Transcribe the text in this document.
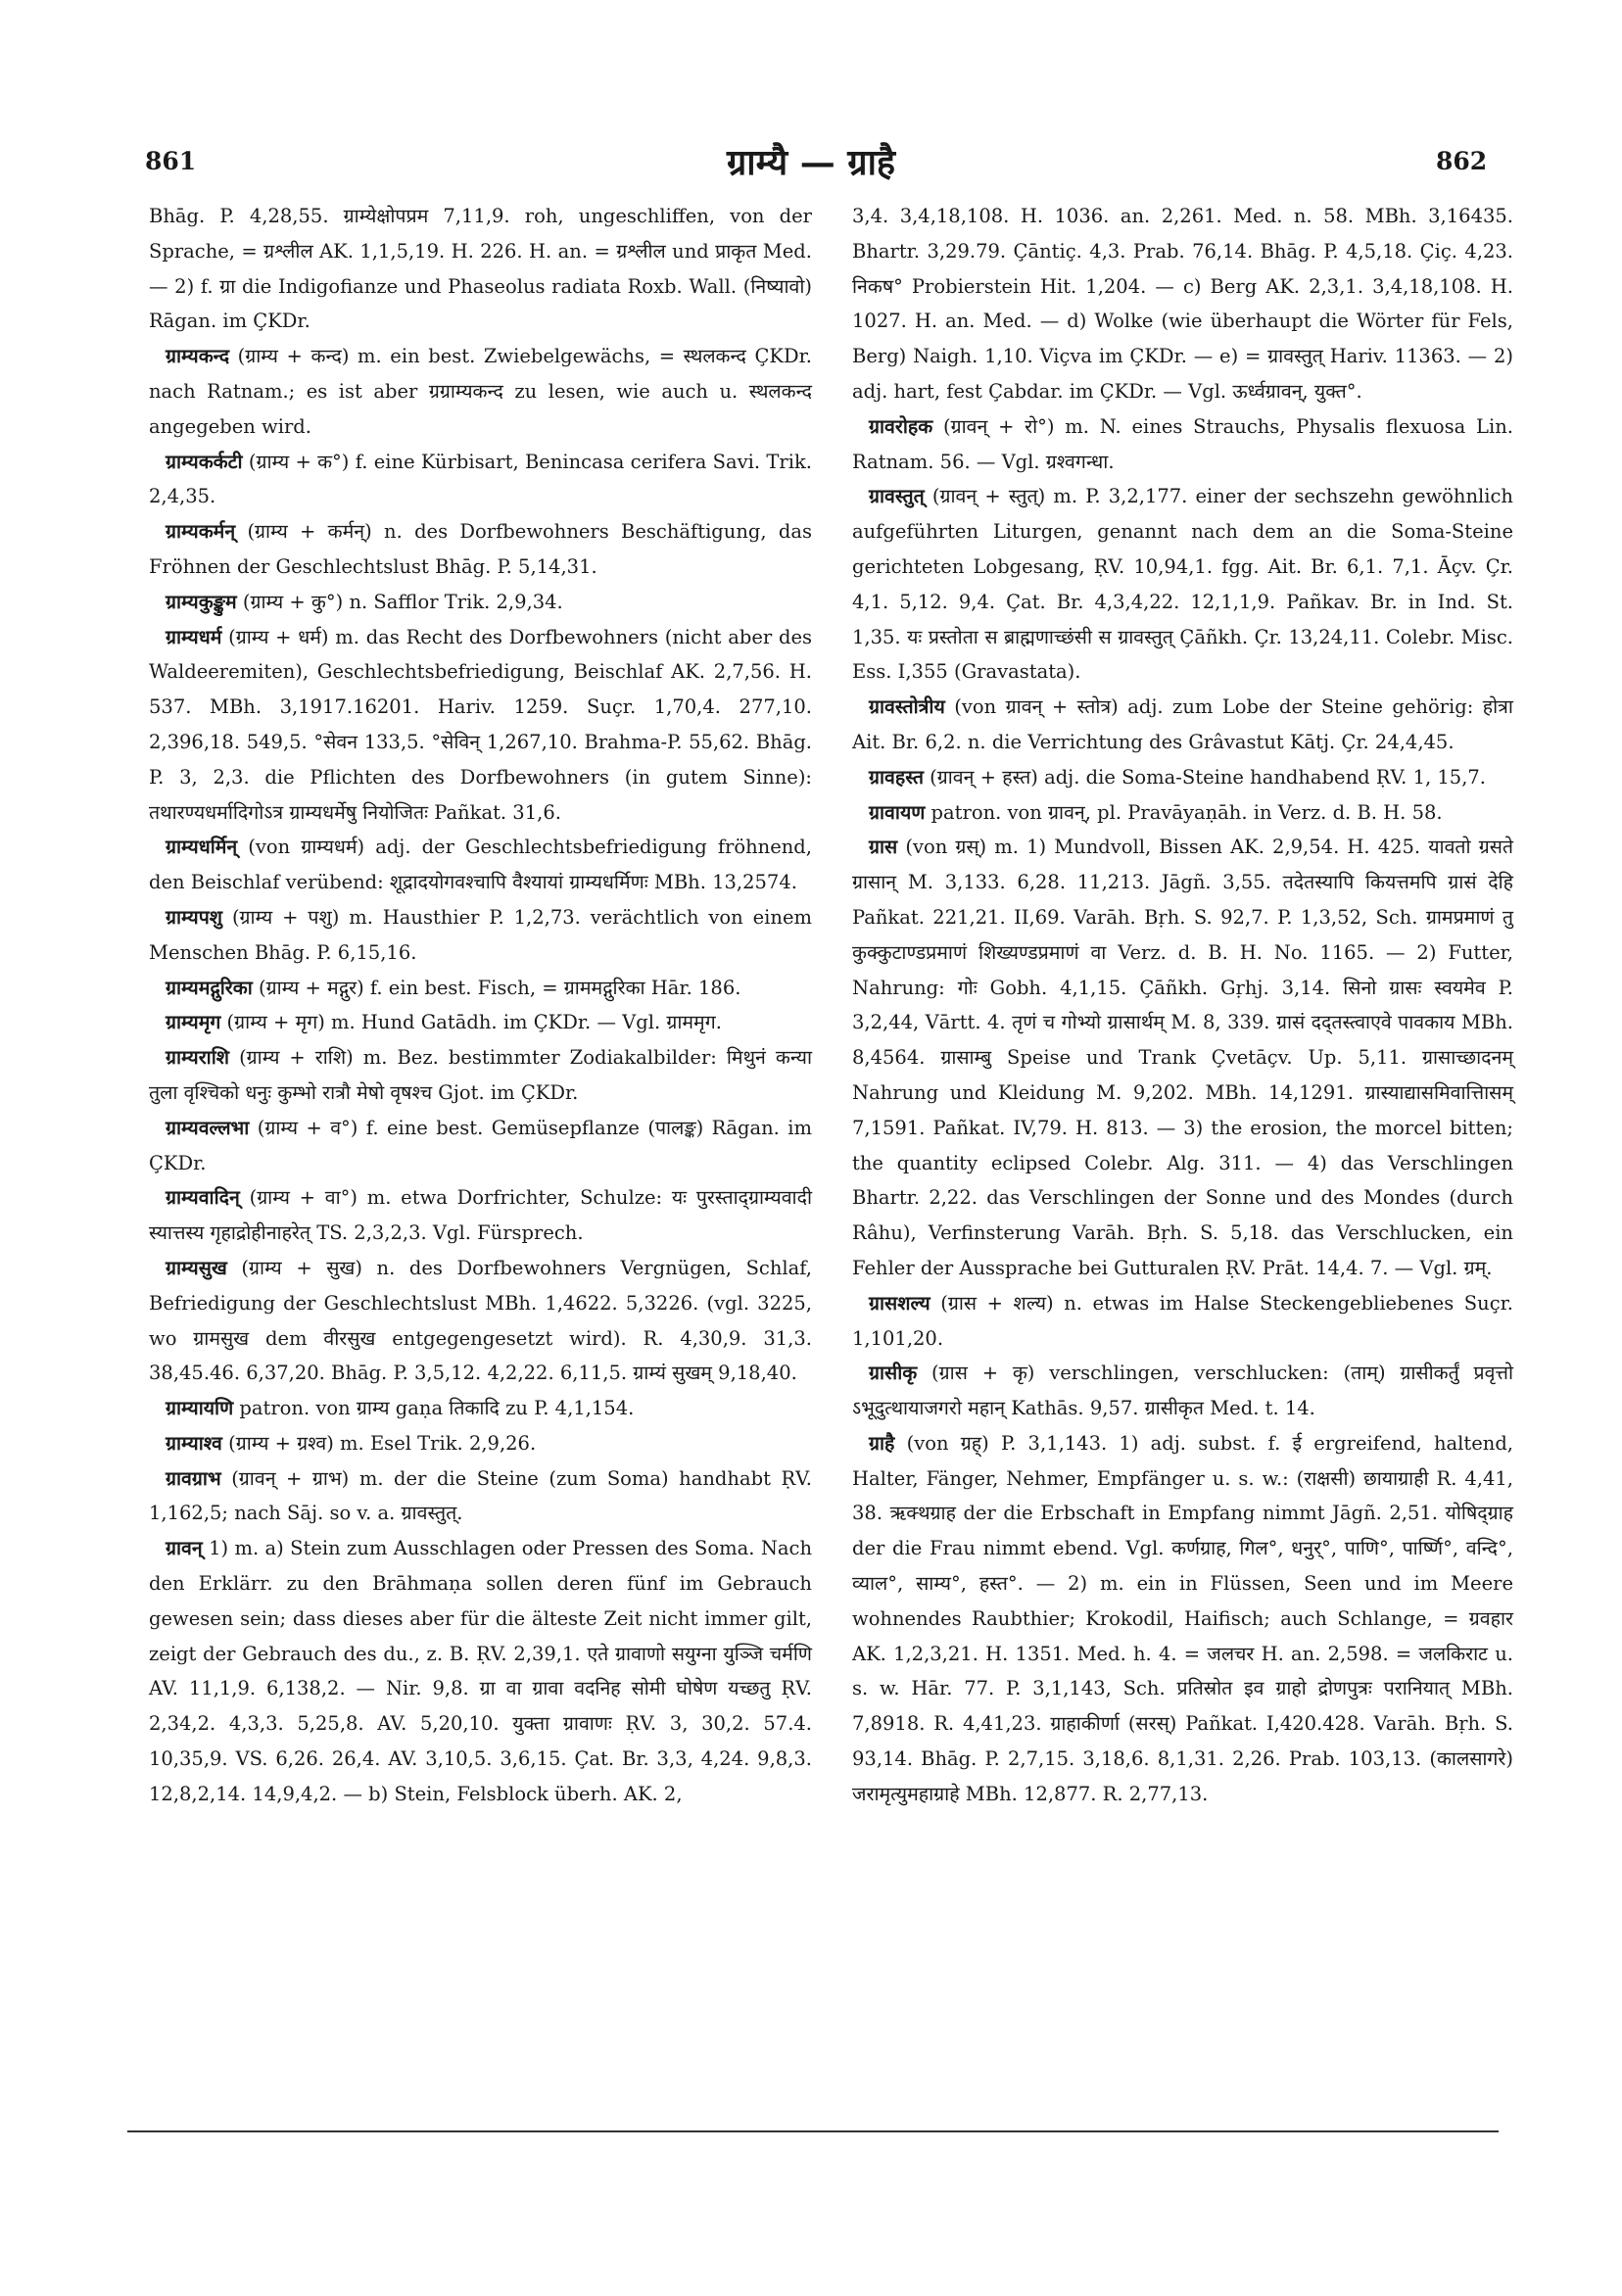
861	ग्राम्यै — ग्राहै	862

Bhāg. P. 4,28,55. ग्राम्येक्षोपप्रम 7,11,9. roh, ungeschliffen, von der Sprache, = ग्रश्लील AK. 1,1,5,19. H. 226. H. an. = ग्रश्लील und प्राकृत Med. — 2) f. ग्रा die Indigofianze und Phaseolus radiata Roxb. Wall. (निष्यावो) Rāgan. im ÇKDr.

ग्राम्यकन्द (ग्राम्य + कन्द) m. ein best. Zwiebelgewächs, = स्थलकन्द ÇKDr. nach Ratnam.; es ist aber ग्रग्राम्यकन्द zu lesen, wie auch u. स्थलकन्द angegeben wird.

ग्राम्यकर्कटी (ग्राम्य + क°) f. eine Kürbisart, Benincasa cerifera Savi. Trik. 2,4,35.

ग्राम्यकर्मन् (ग्राम्य + कर्मन्) n. des Dorfbewohners Beschäftigung, das Fröhnen der Geschlechtslust Bhāg. P. 5,14,31.

ग्राम्यकुङ्कुम (ग्राम्य + कु°) n. Safflor Trik. 2,9,34.

ग्राम्यधर्म (ग्राम्य + धर्म) m. das Recht des Dorfbewohners (nicht aber des Waldeeremiten), Geschlechtsbefriedigung, Beischlaf AK. 2,7,56. H. 537. MBh. 3,1917.16201. Hariv. 1259. Suçr. 1,70,4. 277,10. 2,396,18. 549,5. °सेवन 133,5. °सेविन् 1,267,10. Brahma-P. 55,62. Bhāg. P. 3, 2,3. die Pflichten des Dorfbewohners (in gutem Sinne): तथारण्यधर्मादिगोऽत्र ग्राम्यधर्मेषु नियोजितः Pañkat. 31,6.

ग्राम्यधर्मिन् (von ग्राम्यधर्म) adj. der Geschlechtsbefriedigung fröhnend, den Beischlaf verübend: शूद्रादयोगवश्चापि वैश्यायां ग्राम्यधर्मिणः MBh. 13,2574.

ग्राम्यपशु (ग्राम्य + पशु) m. Hausthier P. 1,2,73. verächtlich von einem Menschen Bhāg. P. 6,15,16.

ग्राम्यमद्गुरिका (ग्राम्य + मद्गुर) f. ein best. Fisch, = ग्राममद्गुरिका Hār. 186.

ग्राम्यमृग (ग्राम्य + मृग) m. Hund Gatādh. im ÇKDr. — Vgl. ग्राममृग.

ग्राम्यराशि (ग्राम्य + राशि) m. Bez. bestimmter Zodiakalbilder: मिथुनं कन्या तुला वृश्चिको धनुः कुम्भो रात्रौ मेषो वृषश्च Gjot. im ÇKDr.

ग्राम्यवल्लभा (ग्राम्य + व°) f. eine best. Gemüsepflanze (पालङ्क) Rāgan. im ÇKDr.

ग्राम्यवादिन् (ग्राम्य + वा°) m. etwa Dorfrichter, Schulze: यः पुरस्ताद्ग्राम्यवादी स्यात्तस्य गृहाद्रोहीनाहरेत् TS. 2,3,2,3. Vgl. Fürsprech.

ग्राम्यसुख (ग्राम्य + सुख) n. des Dorfbewohners Vergnügen, Schlaf, Befriedigung der Geschlechtslust MBh. 1,4622. 5,3226. (vgl. 3225, wo ग्रामसुख dem वीरसुख entgegengesetzt wird). R. 4,30,9. 31,3. 38,45.46. 6,37,20. Bhāg. P. 3,5,12. 4,2,22. 6,11,5. ग्राम्यं सुखम् 9,18,40.

ग्राम्यायणि patron. von ग्राम्य gaṇa तिकादि zu P. 4,1,154.

ग्राम्याश्व (ग्राम्य + ग्रश्व) m. Esel Trik. 2,9,26.

ग्रावग्राभ (ग्रावन् + ग्राभ) m. der die Steine (zum Soma) handhabt ṚV. 1,162,5; nach Sāj. so v. a. ग्रावस्तुत्.

ग्रावन् 1) m. a) Stein zum Ausschlagen oder Pressen des Soma. Nach den Erklärr. zu den Brāhmaṇa sollen deren fünf im Gebrauch gewesen sein; dass dieses aber für die älteste Zeit nicht immer gilt, zeigt der Gebrauch des du., z. B. ṚV. 2,39,1. एते ग्रावाणो सयुग्ना युञ्जि चर्मणि AV. 11,1,9. 6,138,2. — Nir. 9,8. ग्रा वा ग्रावा वदनिह सोमी घोषेण यच्छतु ṚV. 2,34,2. 4,3,3. 5,25,8. AV. 5,20,10. युक्ता ग्रावाणः ṚV. 3, 30,2. 57.4. 10,35,9. VS. 6,26. 26,4. AV. 3,10,5. 3,6,15. Çat. Br. 3,3, 4,24. 9,8,3. 12,8,2,14. 14,9,4,2. — b) Stein, Felsblock überh. AK. 2,

3,4. 3,4,18,108. H. 1036. an. 2,261. Med. n. 58. MBh. 3,16435. Bhartr. 3,29.79. Çāntiç. 4,3. Prab. 76,14. Bhāg. P. 4,5,18. Çiç. 4,23. निकष° Probierstein Hit. 1,204. — c) Berg AK. 2,3,1. 3,4,18,108. H. 1027. H. an. Med. — d) Wolke (wie überhaupt die Wörter für Fels, Berg) Naigh. 1,10. Viçva im ÇKDr. — e) = ग्रावस्तुत् Hariv. 11363. — 2) adj. hart, fest Çabdar. im ÇKDr. — Vgl. ऊर्ध्वग्रावन्, युक्त°.

ग्रावरोहक (ग्रावन् + रो°) m. N. eines Strauchs, Physalis flexuosa Lin. Ratnam. 56. — Vgl. ग्रश्वगन्धा.

ग्रावस्तुत् (ग्रावन् + स्तुत्) m. P. 3,2,177. einer der sechszehn gewöhnlich aufgeführten Liturgen, genannt nach dem an die Soma-Steine gerichteten Lobgesang, ṚV. 10,94,1. fgg. Ait. Br. 6,1. 7,1. Āçv. Çr. 4,1. 5,12. 9,4. Çat. Br. 4,3,4,22. 12,1,1,9. Pañkav. Br. in Ind. St. 1,35. यः प्रस्तोता स ब्राह्मणाच्छंसी स ग्रावस्तुत् Çāñkh. Çr. 13,24,11. Colebr. Misc. Ess. I,355 (Gravastata).

ग्रावस्तोत्रीय (von ग्रावन् + स्तोत्र) adj. zum Lobe der Steine gehörig: होत्रा Ait. Br. 6,2. n. die Verrichtung des Grâvastut Kātj. Çr. 24,4,45.

ग्रावहस्त (ग्रावन् + हस्त) adj. die Soma-Steine handhabend ṚV. 1, 15,7.

ग्रावायण patron. von ग्रावन्, pl. Pravāyaṇāh. in Verz. d. B. H. 58.

ग्रास (von ग्रस्) m. 1) Mundvoll, Bissen AK. 2,9,54. H. 425. यावतो ग्रसते ग्रासान् M. 3,133. 6,28. 11,213. Jāgñ. 3,55. तदेतस्यापि कियत्तमपि ग्रासं देहि Pañkat. 221,21. II,69. Varāh. Bṛh. S. 92,7. P. 1,3,52, Sch. ग्रामप्रमाणं तु कुक्कुटाण्डप्रमाणं शिख्यण्डप्रमाणं वा Verz. d. B. H. No. 1165. — 2) Futter, Nahrung: गोः Gobh. 4,1,15. Çāñkh. Gṛhj. 3,14. सिनो ग्रासः स्वयमेव P. 3,2,44, Vārtt. 4. तृणं च गोभ्यो ग्रासार्थम् M. 8, 339. ग्रासं दद्तस्त्वाएवे पावकाय MBh. 8,4564. ग्रासाम्बु Speise und Trank Çvetāçv. Up. 5,11. ग्रासाच्छादनम् Nahrung und Kleidung M. 9,202. MBh. 14,1291. ग्रास्याद्यासमिवात्तिासम् 7,1591. Pañkat. IV,79. H. 813. — 3) the erosion, the morcel bitten; the quantity eclipsed Colebr. Alg. 311. — 4) das Verschlingen Bhartr. 2,22. das Verschlingen der Sonne und des Mondes (durch Râhu), Verfinsterung Varāh. Bṛh. S. 5,18. das Verschlucken, ein Fehler der Aussprache bei Gutturalen ṚV. Prāt. 14,4. 7. — Vgl. ग्रम्.

ग्रासशल्य (ग्रास + शल्य) n. etwas im Halse Steckengebliebenes Suçr. 1,101,20.

ग्रासीकृ (ग्रास + कृ) verschlingen, verschlucken: (ताम्) ग्रासीकर्तुं प्रवृत्तो ऽभूदुत्थायाजगरो महान् Kathās. 9,57. ग्रासीकृत Med. t. 14.

ग्राहै (von ग्रह्) P. 3,1,143. 1) adj. subst. f. ई ergreifend, haltend, Halter, Fänger, Nehmer, Empfänger u. s. w.: (राक्षसी) छायाग्राही R. 4,41, 38. ऋक्थग्राह der die Erbschaft in Empfang nimmt Jāgñ. 2,51. योषिद्ग्राह der die Frau nimmt ebend. Vgl. कर्णग्राह, गिल°, धनुर्°, पाणि°, पार्ष्णि°, वन्दि°, व्याल°, साम्य°, हस्त°. — 2) m. ein in Flüssen, Seen und im Meere wohnendes Raubthier; Krokodil, Haifisch; auch Schlange, = ग्रवहार AK. 1,2,3,21. H. 1351. Med. h. 4. = जलचर H. an. 2,598. = जलकिराट u. s. w. Hār. 77. P. 3,1,143, Sch. प्रतिस्रोत इव ग्राहो द्रोणपुत्रः परानियात् MBh. 7,8918. R. 4,41,23. ग्राहाकीर्णा (सरस्) Pañkat. I,420.428. Varāh. Bṛh. S. 93,14. Bhāg. P. 2,7,15. 3,18,6. 8,1,31. 2,26. Prab. 103,13. (कालसागरे) जरामृत्युमहाग्राहे MBh. 12,877. R. 2,77,13.
